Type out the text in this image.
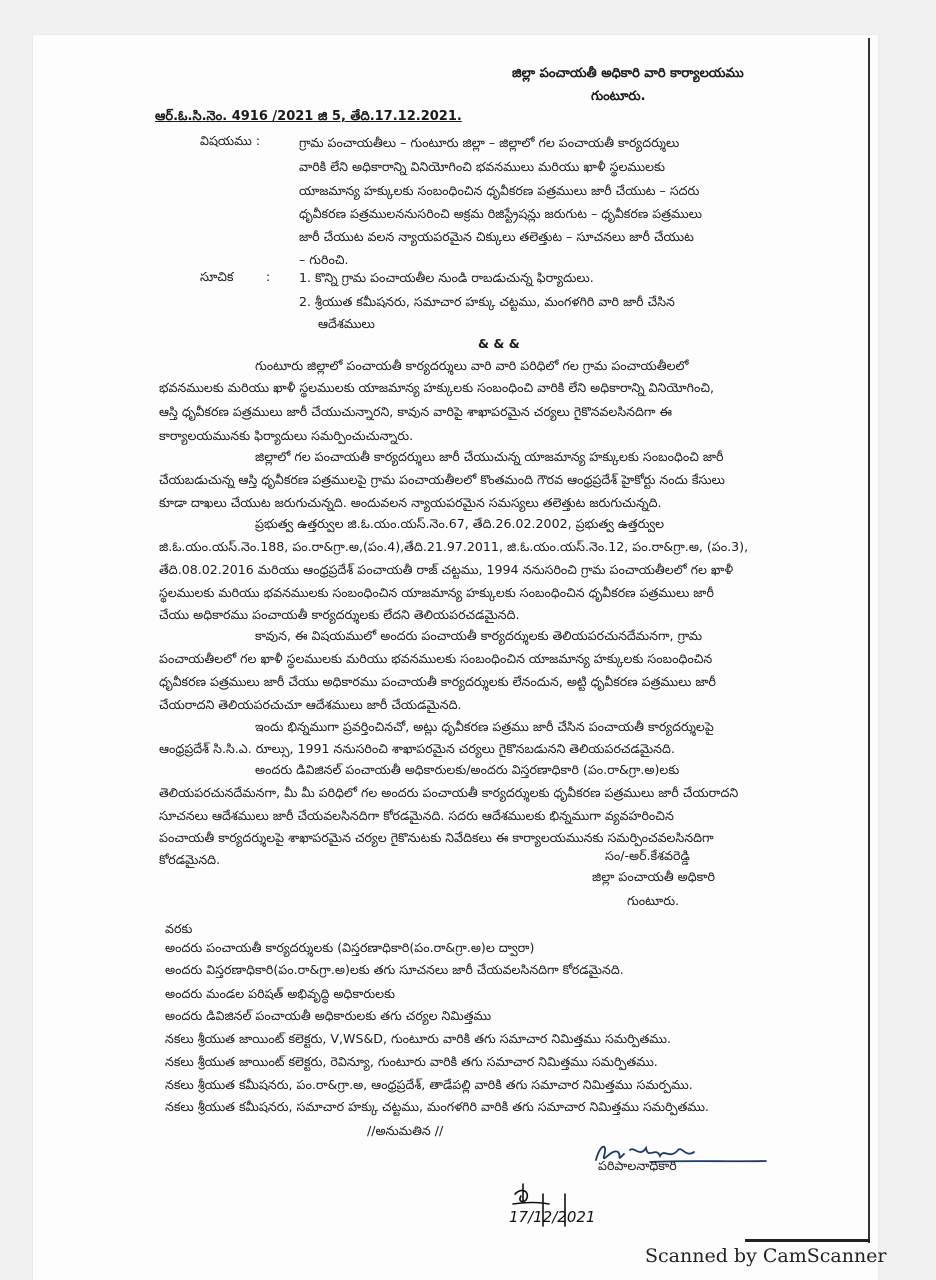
జిల్లా పంచాయతీ అధికారి వారి కార్యాలయము
గుంటూరు.
ఆర్.ఓ.సి.నెం. 4916 /2021 జి 5, తేది.17.12.2021.
విషయము :	గ్రామ పంచాయతీలు – గుంటూరు జిల్లా – జిల్లాలో గల పంచాయతీ కార్యదర్శులు
వారికి లేని అధికారాన్ని వినియోగించి భవనములు మరియు ఖాళీ స్థలములకు
యాజమాన్య హక్కులకు సంబంధించిన ధృవీకరణ పత్రములు జారీ చేయుట – సదరు
ధృవీకరణ పత్రములననుసరించి అక్రమ రిజిస్ట్రేషన్లు జరుగుట – ధృవీకరణ పత్రములు
జారీ చేయుట వలన న్యాయపరమైన చిక్కులు తలెత్తుట – సూచనలు జారీ చేయుట
– గురించి.
సూచిక	: 1. కొన్ని గ్రామ పంచాయతీల నుండి రాబడుచున్న ఫిర్యాదులు.
2. శ్రీయుత కమీషనరు, సమాచార హక్కు చట్టము, మంగళగిరి వారి జారీ చేసిన
ఆదేశములు
& & &
గుంటూరు జిల్లాలో పంచాయతీ కార్యదర్శులు వారి వారి పరిధిలో గల గ్రామ పంచాయతీలలో
భవనములకు మరియు ఖాళీ స్థలములకు యాజమాన్య హక్కులకు సంబంధించి వారికి లేని అధికారాన్ని వినియోగించి,
ఆస్తి ధృవీకరణ పత్రములు జారీ చేయుచున్నారని, కావున వారిపై శాఖాపరమైన చర్యలు గైకొనవలసినదిగా ఈ
కార్యాలయమునకు ఫిర్యాదులు సమర్పించుచున్నారు.
జిల్లాలో గల పంచాయతీ కార్యదర్శులు జారీ చేయుచున్న యాజమాన్య హక్కులకు సంబంధించి జారీ
చేయబడుచున్న ఆస్తి ధృవీకరణ పత్రములపై గ్రామ పంచాయతీలలో కొంతమంది గౌరవ ఆంధ్రప్రదేశ్ హైకోర్టు నందు కేసులు
కూడా దాఖలు చేయుట జరుగుచున్నది. అందువలన న్యాయపరమైన సమస్యలు తలెత్తుట జరుగుచున్నది.
ప్రభుత్వ ఉత్తర్వుల జి.ఓ.యం.యస్.నెం.67, తేది.26.02.2002, ప్రభుత్వ ఉత్తర్వుల
జి.ఓ.యం.యస్.నెం.188, పం.రా&గ్రా.అ,(పం.4),తేది.21.97.2011, జి.ఓ.యం.యస్.నెం.12, పం.రా&గ్రా.అ, (పం.3),
తేది.08.02.2016 మరియు ఆంధ్రప్రదేశ్ పంచాయతీ రాజ్ చట్టము, 1994 ననుసరించి గ్రామ పంచాయతీలలో గల ఖాళీ
స్థలములకు మరియు భవనములకు సంబంధించిన యాజమాన్య హక్కులకు సంబంధించిన ధృవీకరణ పత్రములు జారీ
చేయు అధికారము పంచాయతీ కార్యదర్శులకు లేదని తెలియపరచడమైనది.
కావున, ఈ విషయములో అందరు పంచాయతీ కార్యదర్శులకు తెలియపరచునదేమనగా, గ్రామ
పంచాయతీలలో గల ఖాళీ స్థలములకు మరియు భవనములకు సంబంధించిన యాజమాన్య హక్కులకు సంబంధించిన
ధృవీకరణ పత్రములు జారీ చేయు అధికారము పంచాయతీ కార్యదర్శులకు లేనందున, అట్టి ధృవీకరణ పత్రములు జారీ
చేయరాదని తెలియపరచుచూ ఆదేశములు జారీ చేయడమైనది.
ఇందు భిన్నముగా ప్రవర్తించినచో, అట్లు ధృవీకరణ పత్రము జారీ చేసిన పంచాయతీ కార్యదర్శులపై
ఆంధ్రప్రదేశ్ సి.సి.ఎ. రూల్సు, 1991 ననుసరించి శాఖాపరమైన చర్యలు గైకొనబడునని తెలియపరచడమైనది.
అందరు డివిజినల్ పంచాయతీ అధికారులకు/అందరు విస్తరణాధికారి (పం.రా&గ్రా.అ)లకు
తెలియపరచునదేమనగా, మీ మీ పరిధిలో గల అందరు పంచాయతీ కార్యదర్శులకు ధృవీకరణ పత్రములు జారీ చేయరాదని
సూచనలు ఆదేశములు జారీ చేయవలసినదిగా కోరడమైనది. సదరు ఆదేశములకు భిన్నముగా వ్యవహరించిన
పంచాయతీ కార్యదర్శులపై శాఖాపరమైన చర్యల గైకొనుటకు నివేదికలు ఈ కార్యాలయమునకు సమర్పించవలసినదిగా
కోరడమైనది.	సం/-అర్.కేశవరెడ్డి
జిల్లా పంచాయతీ అధికారి
గుంటూరు.
వరకు
అందరు పంచాయతీ కార్యదర్శులకు (విస్తరణాధికారి(పం.రా&గ్రా.అ)ల ద్వారా)
అందరు విస్తరణాధికారి(పం.రా&గ్రా.అ)లకు తగు సూచనలు జారీ చేయవలసినదిగా కోరడమైనది.
అందరు మండల పరిషత్ అభివృద్ధి అధికారులకు
అందరు డివిజినల్ పంచాయతీ అధికారులకు తగు చర్యల నిమిత్తము
నకలు శ్రీయుత జాయింట్ కలెక్టరు, V,WS&D, గుంటూరు వారికి తగు సమాచార నిమిత్తము సమర్పితము.
నకలు శ్రీయుత జాయింట్ కలెక్టరు, రెవిన్యూ, గుంటూరు వారికి తగు సమాచార నిమిత్తము సమర్పితము.
నకలు శ్రీయుత కమీషనరు, పం.రా&గ్రా.అ, ఆంధ్రప్రదేశ్, తాడేపల్లి వారికి తగు సమాచార నిమిత్తము సమర్పము.
నకలు శ్రీయుత కమీషనరు, సమాచార హక్కు చట్టము, మంగళగిరి వారికి తగు సమాచార నిమిత్తము సమర్పితము.
//అనుమతిన //
పరిపాలనాధికారి
17/12/2021
Scanned by CamScanner
